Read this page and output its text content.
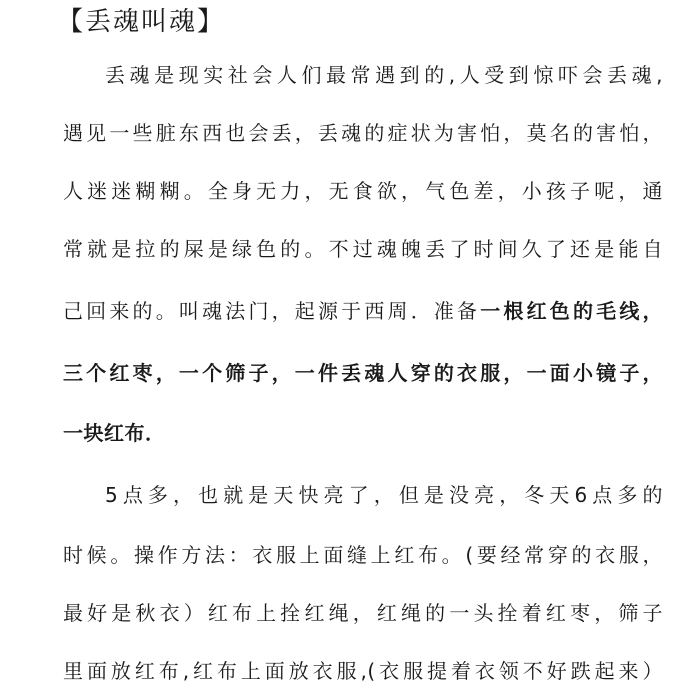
【丢魂叫魂】
丢魂是现实社会人们最常遇到的,人受到惊吓会丢魂,
遇见一些脏东西也会丢，丢魂的症状为害怕，莫名的害怕，
人迷迷糊糊。全身无力，无食欲，气色差，小孩子呢，通
常就是拉的屎是绿色的。不过魂魄丢了时间久了还是能自
己回来的。叫魂法门，起源于西周．准备一根红色的毛线，
三个红枣，一个筛子，一件丢魂人穿的衣服，一面小镜子，
一块红布．
5点多，也就是天快亮了，但是没亮，冬天6点多的
时候。操作方法：衣服上面缝上红布。(要经常穿的衣服，
最好是秋衣）红布上拴红绳，红绳的一头拴着红枣，筛子
里面放红布,红布上面放衣服,(衣服提着衣领不好跌起来）
